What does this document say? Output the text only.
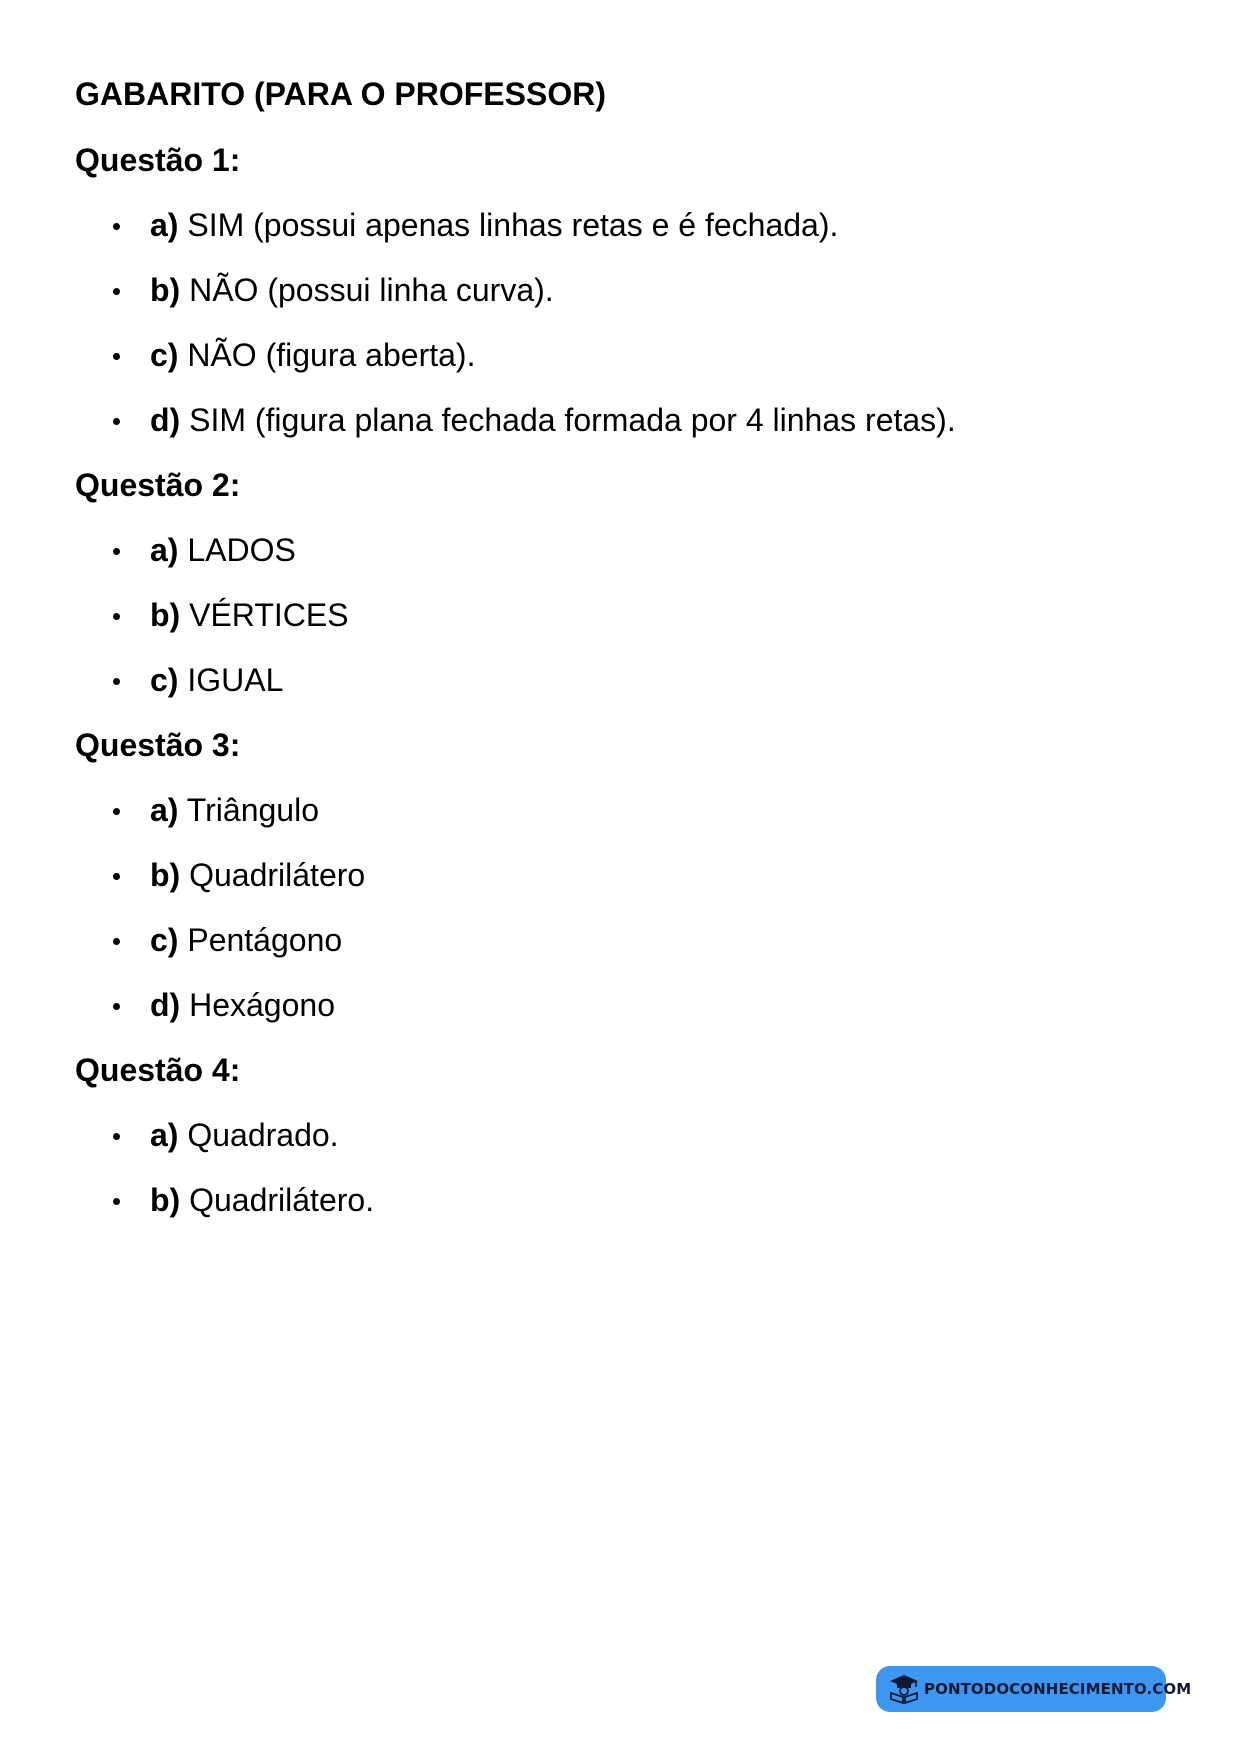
GABARITO (PARA O PROFESSOR)
Questão 1:
a) SIM (possui apenas linhas retas e é fechada).
b) NÃO (possui linha curva).
c) NÃO (figura aberta).
d) SIM (figura plana fechada formada por 4 linhas retas).
Questão 2:
a) LADOS
b) VÉRTICES
c) IGUAL
Questão 3:
a) Triângulo
b) Quadrilátero
c) Pentágono
d) Hexágono
Questão 4:
a) Quadrado.
b) Quadrilátero.
PONTODOCONHECIMENTO.COM
